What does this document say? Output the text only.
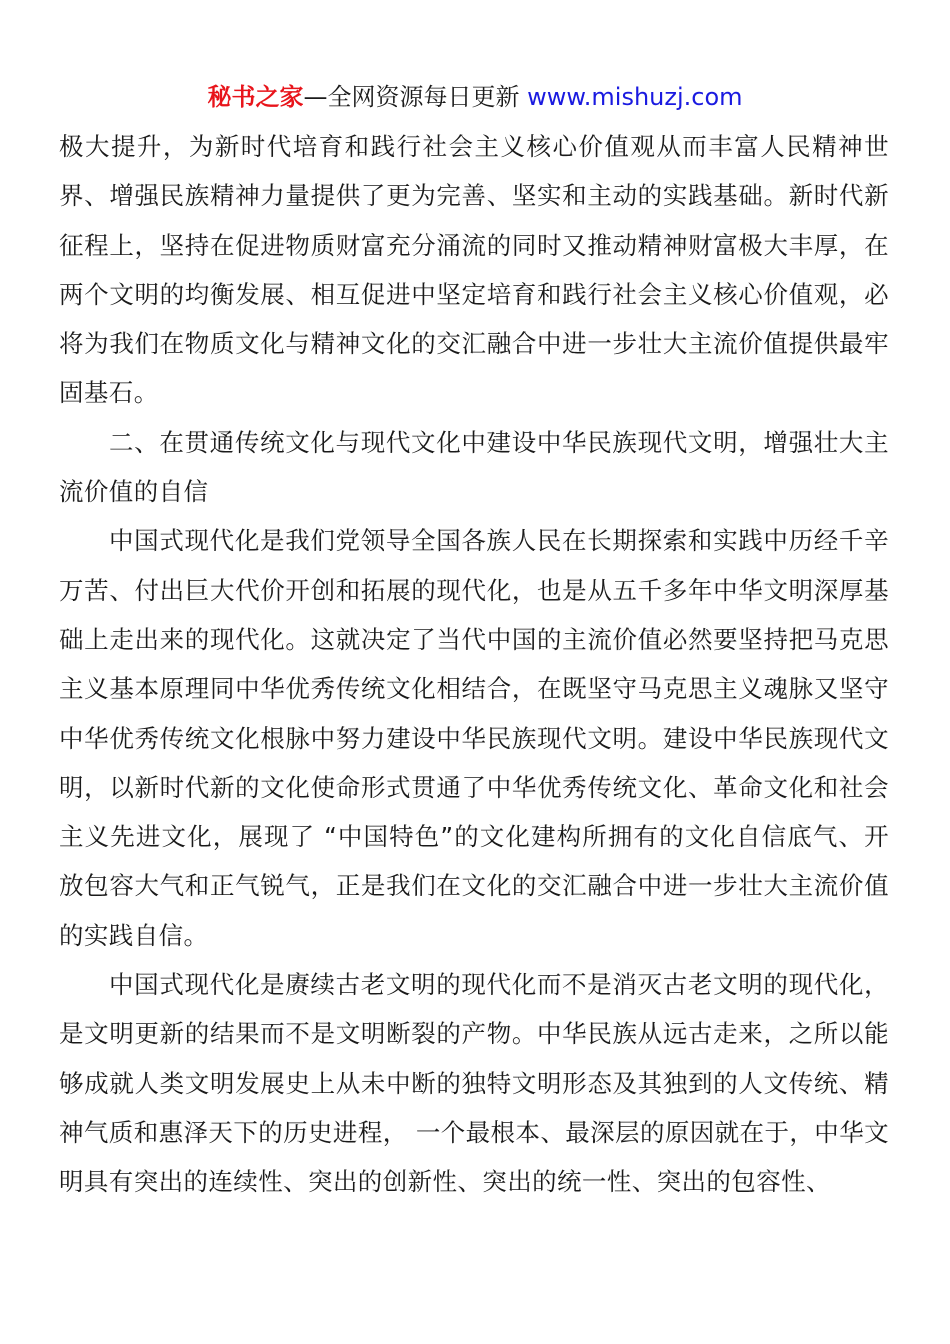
秘书之家—全网资源每日更新 www.mishuzj.com

极大提升，为新时代培育和践行社会主义核心价值观从而丰富人民精神世界、增强民族精神力量提供了更为完善、坚实和主动的实践基础。新时代新征程上，坚持在促进物质财富充分涌流的同时又推动精神财富极大丰厚，在两个文明的均衡发展、相互促进中坚定培育和践行社会主义核心价值观，必将为我们在物质文化与精神文化的交汇融合中进一步壮大主流价值提供最牢固基石。

二、在贯通传统文化与现代文化中建设中华民族现代文明，增强壮大主流价值的自信

中国式现代化是我们党领导全国各族人民在长期探索和实践中历经千辛万苦、付出巨大代价开创和拓展的现代化，也是从五千多年中华文明深厚基础上走出来的现代化。这就决定了当代中国的主流价值必然要坚持把马克思主义基本原理同中华优秀传统文化相结合，在既坚守马克思主义魂脉又坚守中华优秀传统文化根脉中努力建设中华民族现代文明。建设中华民族现代文明，以新时代新的文化使命形式贯通了中华优秀传统文化、革命文化和社会主义先进文化，展现了 “中国特色”的文化建构所拥有的文化自信底气、开放包容大气和正气锐气，正是我们在文化的交汇融合中进一步壮大主流价值的实践自信。

中国式现代化是赓续古老文明的现代化而不是消灭古老文明的现代化，是文明更新的结果而不是文明断裂的产物。中华民族从远古走来，之所以能够成就人类文明发展史上从未中断的独特文明形态及其独到的人文传统、精神气质和惠泽天下的历史进程， 一个最根本、最深层的原因就在于，中华文明具有突出的连续性、突出的创新性、突出的统一性、突出的包容性、
